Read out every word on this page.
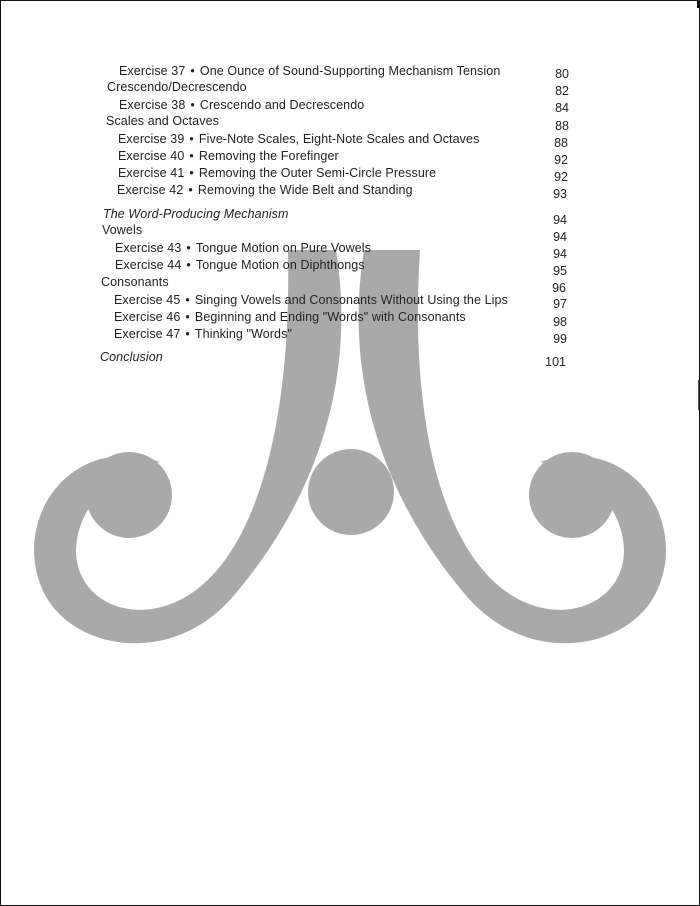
Exercise 37 • One Ounce of Sound-Supporting Mechanism Tension	80
Crescendo/Decrescendo	82
Exercise 38 • Crescendo and Decrescendo	84
Scales and Octaves	88
Exercise 39 • Five-Note Scales, Eight-Note Scales and Octaves	88
Exercise 40 • Removing the Forefinger	92
Exercise 41 • Removing the Outer Semi-Circle Pressure	92
Exercise 42 • Removing the Wide Belt and Standing	93
The Word-Producing Mechanism	94
Vowels	94
Exercise 43 • Tongue Motion on Pure Vowels	94
Exercise 44 • Tongue Motion on Diphthongs	95
Consonants	96
Exercise 45 • Singing Vowels and Consonants Without Using the Lips	97
Exercise 46 • Beginning and Ending "Words" with Consonants	98
Exercise 47 • Thinking "Words"	99
Conclusion	101
